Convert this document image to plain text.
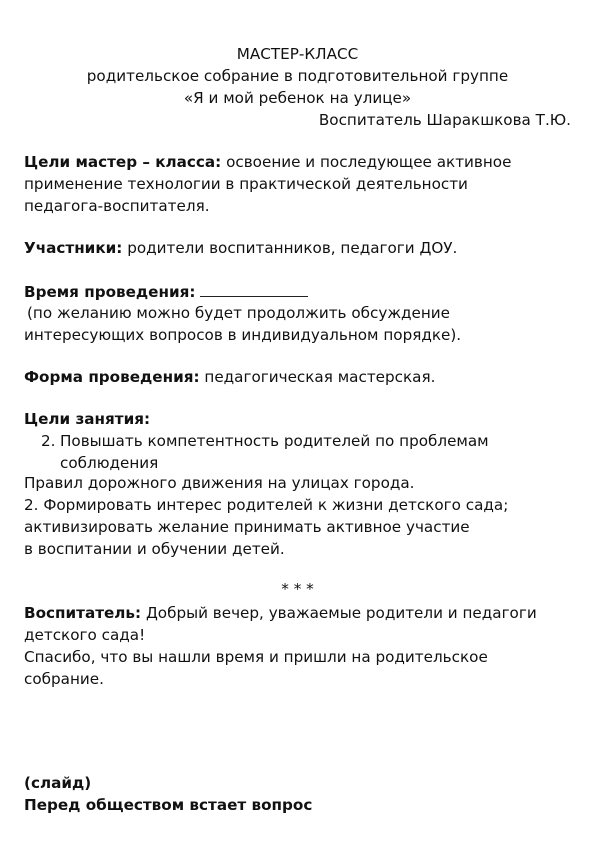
МАСТЕР-КЛАСС
родительское собрание в подготовительной группе
«Я и мой ребенок на улице»
Воспитатель Шаракшкова Т.Ю.
Цели мастер – класса: освоение и последующее активное
применение технологии в практической деятельности
педагога-воспитателя.
Участники: родители воспитанников, педагоги ДОУ.
Время проведения:
(по желанию можно будет продолжить обсуждение
интересующих вопросов в индивидуальном порядке).
Форма проведения: педагогическая мастерская.
Цели занятия:
2. Повышать компетентность родителей по проблемам
соблюдения
Правил дорожного движения на улицах города.
2. Формировать интерес родителей к жизни детского сада;
активизировать желание принимать активное участие
в воспитании и обучении детей.
* * *
Воспитатель: Добрый вечер, уважаемые родители и педагоги
детского сада!
Спасибо, что вы нашли время и пришли на родительское
собрание.
(слайд)
Перед обществом встает вопрос
